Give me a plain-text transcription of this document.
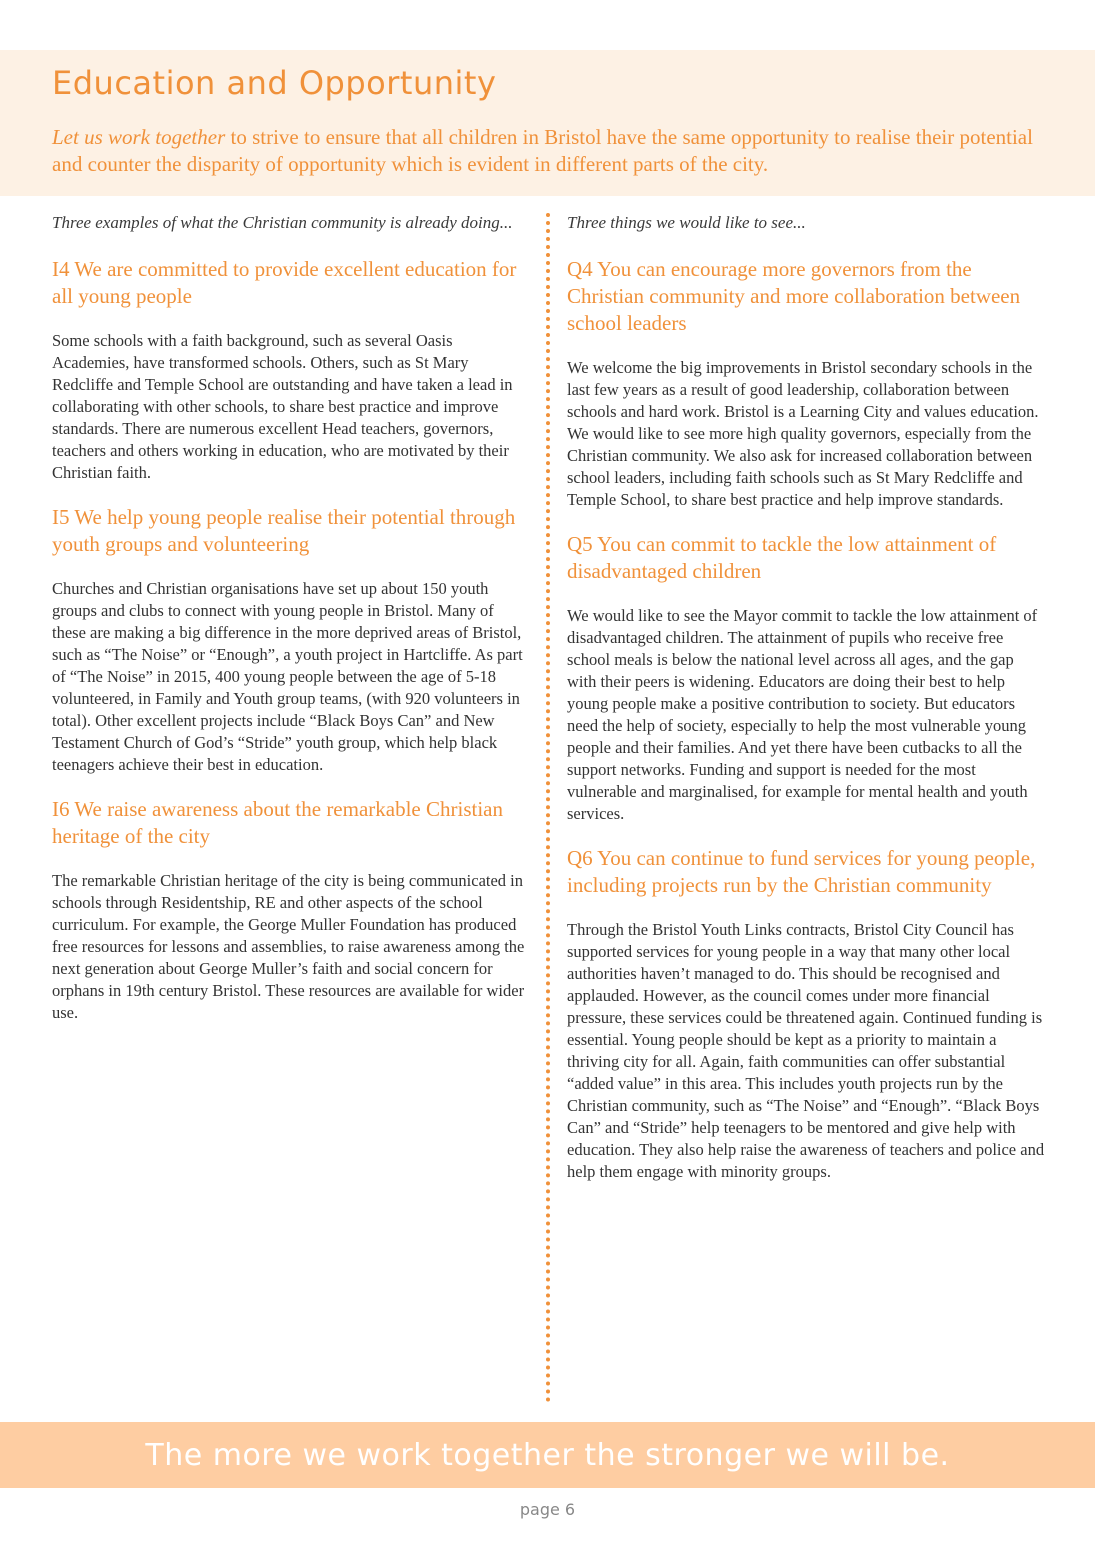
Education and Opportunity

Let us work together to strive to ensure that all children in Bristol have the same opportunity to realise their potential and counter the disparity of opportunity which is evident in different parts of the city.

Three examples of what the Christian community is already doing...

I4 We are committed to provide excellent education for all young people

Some schools with a faith background, such as several Oasis Academies, have transformed schools. Others, such as St Mary Redcliffe and Temple School are outstanding and have taken a lead in collaborating with other schools, to share best practice and improve standards. There are numerous excellent Head teachers, governors, teachers and others working in education, who are motivated by their Christian faith.

I5 We help young people realise their potential through youth groups and volunteering

Churches and Christian organisations have set up about 150 youth groups and clubs to connect with young people in Bristol. Many of these are making a big difference in the more deprived areas of Bristol, such as “The Noise” or “Enough”, a youth project in Hartcliffe. As part of “The Noise” in 2015, 400 young people between the age of 5-18 volunteered, in Family and Youth group teams, (with 920 volunteers in total). Other excellent projects include “Black Boys Can” and New Testament Church of God’s “Stride” youth group, which help black teenagers achieve their best in education.

I6 We raise awareness about the remarkable Christian heritage of the city

The remarkable Christian heritage of the city is being communicated in schools through Residentship, RE and other aspects of the school curriculum. For example, the George Muller Foundation has produced free resources for lessons and assemblies, to raise awareness among the next generation about George Muller’s faith and social concern for orphans in 19th century Bristol. These resources are available for wider use.

Three things we would like to see...

Q4 You can encourage more governors from the Christian community and more collaboration between school leaders

We welcome the big improvements in Bristol secondary schools in the last few years as a result of good leadership, collaboration between schools and hard work. Bristol is a Learning City and values education. We would like to see more high quality governors, especially from the Christian community. We also ask for increased collaboration between school leaders, including faith schools such as St Mary Redcliffe and Temple School, to share best practice and help improve standards.

Q5 You can commit to tackle the low attainment of disadvantaged children

We would like to see the Mayor commit to tackle the low attainment of disadvantaged children. The attainment of pupils who receive free school meals is below the national level across all ages, and the gap with their peers is widening. Educators are doing their best to help young people make a positive contribution to society. But educators need the help of society, especially to help the most vulnerable young people and their families. And yet there have been cutbacks to all the support networks. Funding and support is needed for the most vulnerable and marginalised, for example for mental health and youth services.

Q6 You can continue to fund services for young people, including projects run by the Christian community

Through the Bristol Youth Links contracts, Bristol City Council has supported services for young people in a way that many other local authorities haven’t managed to do. This should be recognised and applauded. However, as the council comes under more financial pressure, these services could be threatened again. Continued funding is essential. Young people should be kept as a priority to maintain a thriving city for all. Again, faith communities can offer substantial “added value” in this area. This includes youth projects run by the Christian community, such as “The Noise” and “Enough”. “Black Boys Can” and “Stride” help teenagers to be mentored and give help with education. They also help raise the awareness of teachers and police and help them engage with minority groups.

The more we work together the stronger we will be.
page 6
